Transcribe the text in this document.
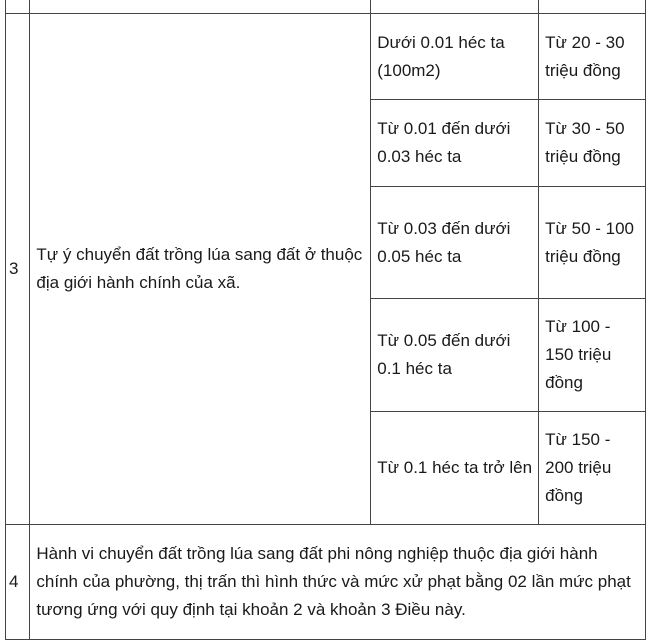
3	Tự ý chuyển đất trồng lúa sang đất ở thuộc địa giới hành chính của xã.	Dưới 0.01 héc ta (100m2)	Từ 20 - 30 triệu đồng

		Từ 0.01 đến dưới 0.03 héc ta	Từ 30 - 50 triệu đồng

		Từ 0.03 đến dưới 0.05 héc ta	Từ 50 - 100 triệu đồng

		Từ 0.05 đến dưới 0.1 héc ta	Từ 100 - 150 triệu đồng

		Từ 0.1 héc ta trở lên	Từ 150 - 200 triệu đồng

4	Hành vi chuyển đất trồng lúa sang đất phi nông nghiệp thuộc địa giới hành chính của phường, thị trấn thì hình thức và mức xử phạt bằng 02 lần mức phạt tương ứng với quy định tại khoản 2 và khoản 3 Điều này.		
